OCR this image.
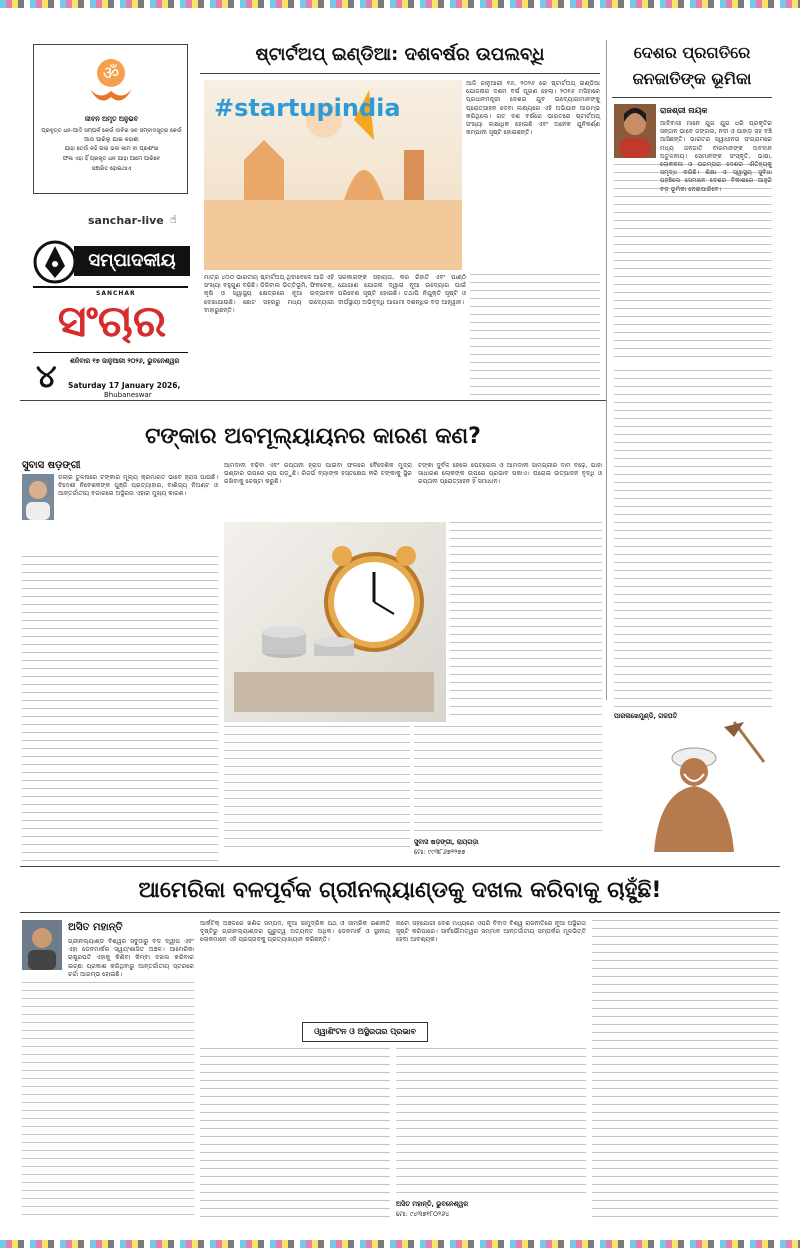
ॐ
ଜୀବନ ଅମୃତ ଅନୁଭବ
ପ୍ରବୃତ୍ତ ଧନ-ଆଦି ସମ୍ପର୍କ କେଉଁ ଦାବିର ସବ ସମ୍ବାଦସୂତ୍ର କେଉଁ ଆଉ ପାରିଲୁ ଯାଇ କହାଣୀ
ଯାହା ତେଉଁ କହି ଗଲା ଭଲ କାମ ବା ପ୍ରଶଂସା
ଫଳା ଏହା ହିଁ ପ୍ରକୃତ ଧନ ଯାହା ଆମେ ପାରିବେ
ସଞ୍ଚାରିତ ହୋଇଥାଏ
sanchar-live ☝
ସମ୍ପାଦକୀୟ
SANCHAR
ସଂଚାର
୪	ଶନିବାର ୧୭ ଜାନୁଆରୀ ୨୦୨୬, ଭୁବନେଶ୍ୱର
Saturday 17 January 2026,
Bhubaneswar
ଷ୍ଟାର୍ଟଅପ୍ ଇଣ୍ଡିଆ: ଦଶବର୍ଷର ଉପଲବ୍ଧି
#startupindia
ଆଜି ଜାନୁଆରୀ ୧୬, ୨୦୨୬ ରେ ଷ୍ଟାର୍ଟଅପ୍ ଇଣ୍ଡିଆ ଯୋଜନାର ଦଶମ ବର୍ଷ ପୂରଣ ହେଲା। ୨୦୧୬ ମସିହାରେ ପ୍ରଧାନମନ୍ତ୍ରୀ ଦେଶର ଯୁବ ଉଦ୍ୟୋଗୀମାନଙ୍କୁ ପ୍ରୋତ୍ସାହନ ଦେବା ଲକ୍ଷ୍ୟରେ ଏହି ଅଭିଯାନ ଆରମ୍ଭ କରିଥିଲେ। ଗତ ଦଶ ବର୍ଷରେ ଭାରତରେ ଷ୍ଟାର୍ଟଅପ୍ ସଂଖ୍ୟା ଲକ୍ଷାଧିକ ହୋଇଛି ଏବଂ ଅନେକ ଯୁନିକର୍ଣ୍ଣ କମ୍ପାନୀ ସୃଷ୍ଟି ହୋଇଛନ୍ତି।
ମାତ୍ର ୪୦୦ ଭାରତୀୟ ଷ୍ଟାର୍ଟଅପ୍ ଥିବାବେଳେ ଆଜି ଏହି ସଂଖ୍ୟା ବହୁଗୁଣ ବଢ଼ିଛି। ଡିଜିଟାଲ ଭିତ୍ତିଭୂମି, ଫିନଟେକ୍, କୃଷି ଓ ସ୍ୱାସ୍ଥ୍ୟ କ୍ଷେତ୍ରରେ ନୂଆ ଉଦ୍ଭାବନ ଦେଖାଯାଉଛି। ଛୋଟ ସହରରୁ ମଧ୍ୟ ଉଦ୍ୟୋଗୀ ବାହାରୁଛନ୍ତି।
ସରକାରଙ୍କ ସହାୟତା, କର ରିହାତି ଏବଂ ପାଣ୍ଠି ଯୋଗାଣ ଯୋଜନା ଦ୍ୱାରା ନୂଆ ଉଦ୍ୟୋଗ ପାଇଁ ପରିବେଶ ସୃଷ୍ଟି ହୋଇଛି। ତଥାପି ନିଯୁକ୍ତି ସୃଷ୍ଟି ଓ ଦୀର୍ଘସ୍ଥାୟୀ ଅଭିବୃଦ୍ଧି ଆଗାମୀ ଦଶନ୍ଧିର ବଡ଼ ଆହ୍ୱାନ।
ଦେଶର ପ୍ରଗତିରେ
ଜନଜାତିଙ୍କ ଭୂମିକା
ରାଜଶ୍ରୀ ନାୟକ
ଆଦିବାସୀ ମାନେ ଯୁଗ ଯୁଗ ଧରି ପ୍ରକୃତିର ସନ୍ତାନ ଭାବେ ଜଙ୍ଗଲ, ନଦୀ ଓ ପାହାଡ଼ ସହ ବଞ୍ଚି ଆସିଛନ୍ତି। ଭାରତର ସ୍ୱାଧୀନତା ସଂଗ୍ରାମରେ ମଧ୍ୟ ଜନଜାତି ବୀରମାନଙ୍କ ଅବଦାନ ଅତୁଳନୀୟ। ସେମାନଙ୍କ ସଂସ୍କୃତି, ଭାଷା, ଲୋକକଳା ଓ ପରମ୍ପରା ଦେଶର ଐତିହ୍ୟକୁ ସମୃଦ୍ଧ କରିଛି। ଶିକ୍ଷା ଓ ସ୍ୱାସ୍ଥ୍ୟ ସୁବିଧା ପହଞ୍ଚିଲେ ସେମାନେ ଦେଶର ବିକାଶରେ ଆହୁରି ବଡ଼ ଭୂମିକା ନେଇପାରିବେ।
ପାରଳାଖେମୁଣ୍ଡି, ଗଜପତି
ଟଙ୍କାର ଅବମୂଲ୍ୟାୟନର କାରଣ କଣ?
ସୁବାସ ଷଡ଼ଙ୍ଗୀ
ଡଲାର ତୁଳନାରେ ଟଙ୍କାର ମୂଲ୍ୟ କ୍ରମାଗତ ଭାବେ ହ୍ରାସ ପାଉଛି। ବିଦେଶୀ ନିବେଶକଙ୍କ ପୁଞ୍ଜି ପ୍ରତ୍ୟାହାର, ବାଣିଜ୍ୟ ନିଅଣ୍ଟ ଓ ଆନ୍ତର୍ଜାତୀୟ ବଜାରରେ ଅସ୍ଥିରତା ଏହାର ମୁଖ୍ୟ କାରଣ।
ଆମଦାନୀ ବଢ଼ିବା ଏବଂ ରପ୍ତାନୀ ହ୍ରାସ ପାଇବା ଫଳରେ ବୈଦେଶିକ ମୁଦ୍ରା ଭଣ୍ଡାର ଉପରେ ଚାପ ପଡ଼ୁଛି। ରିଜର୍ଭ ବ୍ୟାଙ୍କ ହସ୍ତକ୍ଷେପ କରି ଟଙ୍କାକୁ ସ୍ଥିର ରଖିବାକୁ ଚେଷ୍ଟା କରୁଛି।
ଟଙ୍କା ଦୁର୍ବଳ ହେଲେ ପେଟ୍ରୋଲ ଓ ଆମଦାନୀ ସାମଗ୍ରୀର ଦାମ ବଢ଼େ, ଯାହା ସାଧାରଣ ଲୋକଙ୍କ ଉପରେ ପ୍ରଭାବ ପକାଏ। ଘରୋଇ ଉତ୍ପାଦନ ବୃଦ୍ଧି ଓ ରପ୍ତାନୀ ପ୍ରୋତ୍ସାହନ ହିଁ ସମାଧାନ।
ସୁବାସ ଷଡ଼ଙ୍ଗୀ, ରାୟଗଡ଼ା
ମୋ: ୯୯୩୮୬୭୨୨୭୭
ଆମେରିକା ବଳପୂର୍ବକ ଗ୍ରୀନଲ୍ୟାଣ୍ଡକୁ ଦଖଲ କରିବାକୁ ଚାହୁଁଛି!
ଅସିତ ମହାନ୍ତି
ଗ୍ରୀନଲ୍ୟାଣ୍ଡ ବିଶ୍ୱର ସବୁଠାରୁ ବଡ଼ ଦ୍ୱୀପ ଏବଂ ଏହା ଡେନମାର୍କର ସ୍ୱୟଂଶାସିତ ଅଞ୍ଚଳ। ଆମେରିକା ରାଷ୍ଟ୍ରପତି ଏହାକୁ କିଣିବା କିମ୍ବା ଦଖଲ କରିବାର ଇଚ୍ଛା ପ୍ରକାଶ କରିଥିବାରୁ ଆନ୍ତର୍ଜାତୀୟ ସ୍ତରରେ ଚର୍ଚ୍ଚା ଆରମ୍ଭ ହୋଇଛି।
ଆର୍କଟିକ୍ ଅଞ୍ଚଳରେ ଖଣିଜ ସମ୍ପଦ, ନୂଆ ସାମୁଦ୍ରିକ ପଥ ଓ ସାମରିକ ରଣନୀତି ଦୃଷ୍ଟିରୁ ଗ୍ରୀନଲ୍ୟାଣ୍ଡର ଗୁରୁତ୍ୱ ଅତ୍ୟନ୍ତ ଅଧିକ। ଡେନମାର୍କ ଓ ସ୍ଥାନୀୟ ଲୋକମାନେ ଏହି ପ୍ରସ୍ତାବକୁ ପ୍ରତ୍ୟାଖ୍ୟାନ କରିଛନ୍ତି।
ଓ୍ୱାଶିଂଟନ ଓ ଅସ୍ଥିରତାର ପ୍ରଭାବ
ନାଟୋ ସହଯୋଗୀ ଦେଶ ମଧ୍ୟରେ ଏପରି ବିବାଦ ବିଶ୍ୱ ରାଜନୀତିରେ ନୂଆ ଅସ୍ଥିରତା ସୃଷ୍ଟି କରିପାରେ। ସାର୍ବଭୌମତ୍ୱର ସମ୍ମାନ ଆନ୍ତର୍ଜାତୀୟ ସମ୍ପର୍କର ମୂଳଭିତ୍ତି ହେବା ଆବଶ୍ୟକ।
ଅସିତ ମହାନ୍ତି, ଭୁବନେଶ୍ୱର
ମୋ: ୯୪୩୭୧୮୦୨୬୪
